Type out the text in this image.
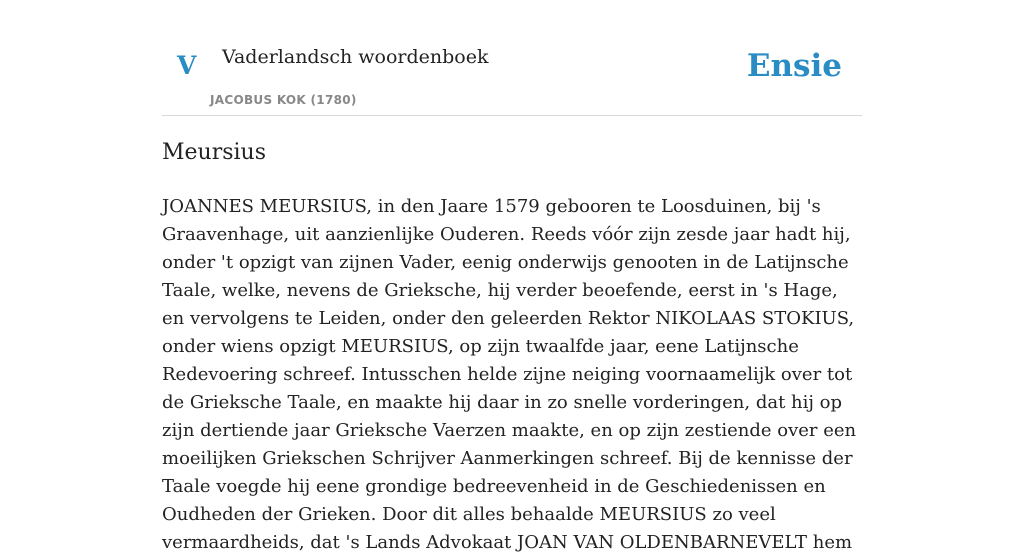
V Vaderlandsch woordenboek
JACOBUS KOK (1780)
Ensie
Meursius

JOANNES MEURSIUS, in den Jaare 1579 gebooren te Loosduinen, bij 's Graavenhage, uit aanzienlijke Ouderen. Reeds vóór zijn zesde jaar hadt hij, onder 't opzigt van zijnen Vader, eenig onderwijs genooten in de Latijnsche Taale, welke, nevens de Grieksche, hij verder beoefende, eerst in 's Hage, en vervolgens te Leiden, onder den geleerden Rektor NIKOLAAS STOKIUS, onder wiens opzigt MEURSIUS, op zijn twaalfde jaar, eene Latijnsche Redevoering schreef. Intusschen helde zijne neiging voornaamelijk over tot de Grieksche Taale, en maakte hij daar in zo snelle vorderingen, dat hij op zijn dertiende jaar Grieksche Vaerzen maakte, en op zijn zestiende over een moeilijken Griekschen Schrijver Aanmerkingen schreef. Bij de kennisse der Taale voegde hij eene grondige bedreevenheid in de Geschiedenissen en Oudheden der Grieken. Door dit alles behaalde MEURSIUS zo veel vermaardheids, dat 's Lands Advokaat JOAN VAN OLDENBARNEVELT hem
